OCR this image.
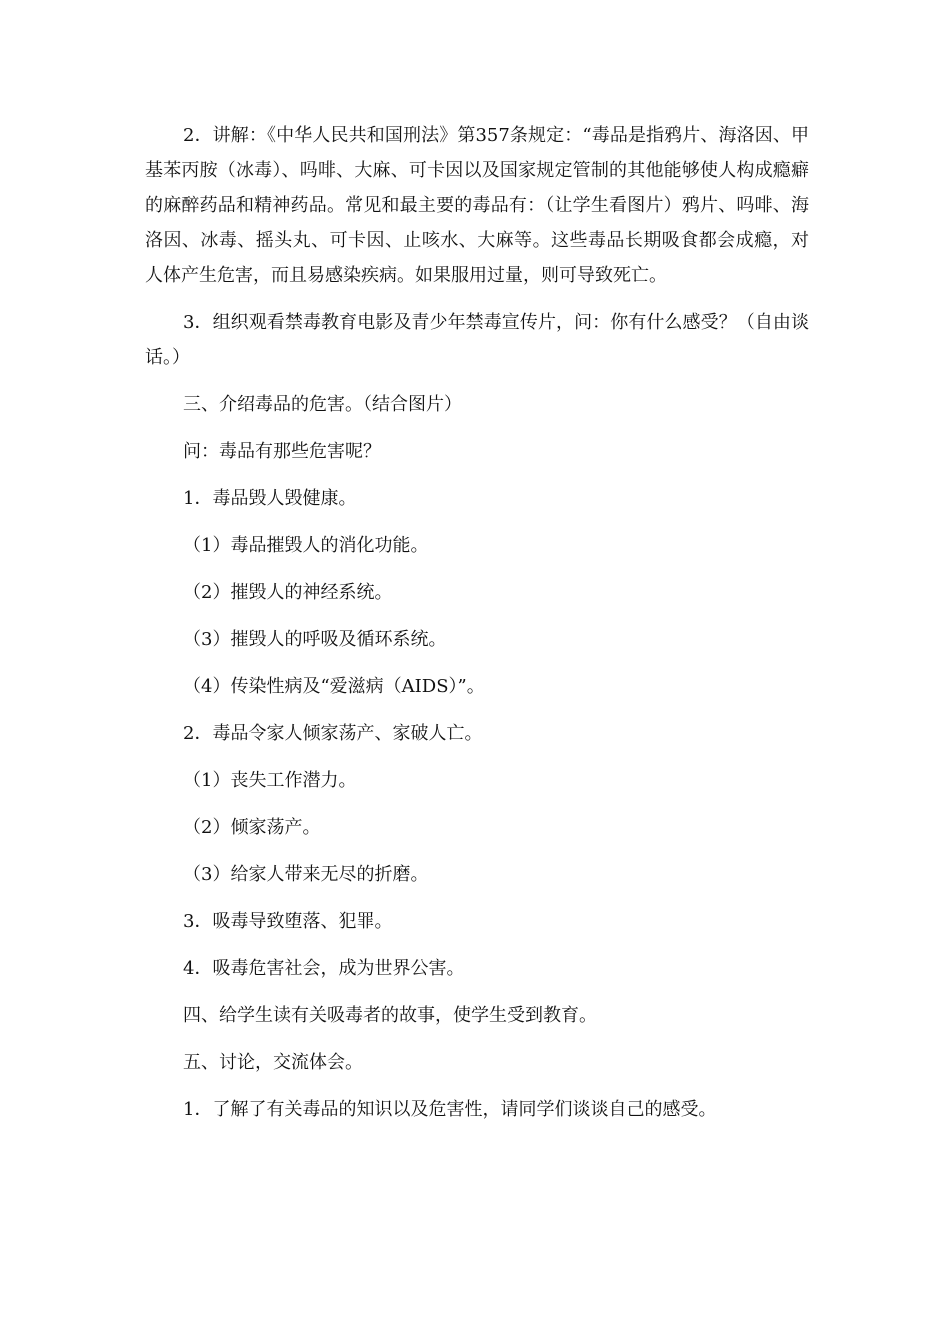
2．讲解：《中华人民共和国刑法》第357条规定：“毒品是指鸦片、海洛因、甲基苯丙胺（冰毒）、吗啡、大麻、可卡因以及国家规定管制的其他能够使人构成瘾癖的麻醉药品和精神药品。常见和最主要的毒品有：（让学生看图片）鸦片、吗啡、海洛因、冰毒、摇头丸、可卡因、止咳水、大麻等。这些毒品长期吸食都会成瘾，对人体产生危害，而且易感染疾病。如果服用过量，则可导致死亡。

3．组织观看禁毒教育电影及青少年禁毒宣传片，问：你有什么感受？（自由谈话。）

三、介绍毒品的危害。（结合图片）

问：毒品有那些危害呢？

1．毒品毁人毁健康。

（1）毒品摧毁人的消化功能。

（2）摧毁人的神经系统。

（3）摧毁人的呼吸及循环系统。

（4）传染性病及“爱滋病（AIDS）”。

2．毒品令家人倾家荡产、家破人亡。

（1）丧失工作潜力。

（2）倾家荡产。

（3）给家人带来无尽的折磨。

3．吸毒导致堕落、犯罪。

4．吸毒危害社会，成为世界公害。

四、给学生读有关吸毒者的故事，使学生受到教育。

五、讨论，交流体会。

1．了解了有关毒品的知识以及危害性，请同学们谈谈自己的感受。
